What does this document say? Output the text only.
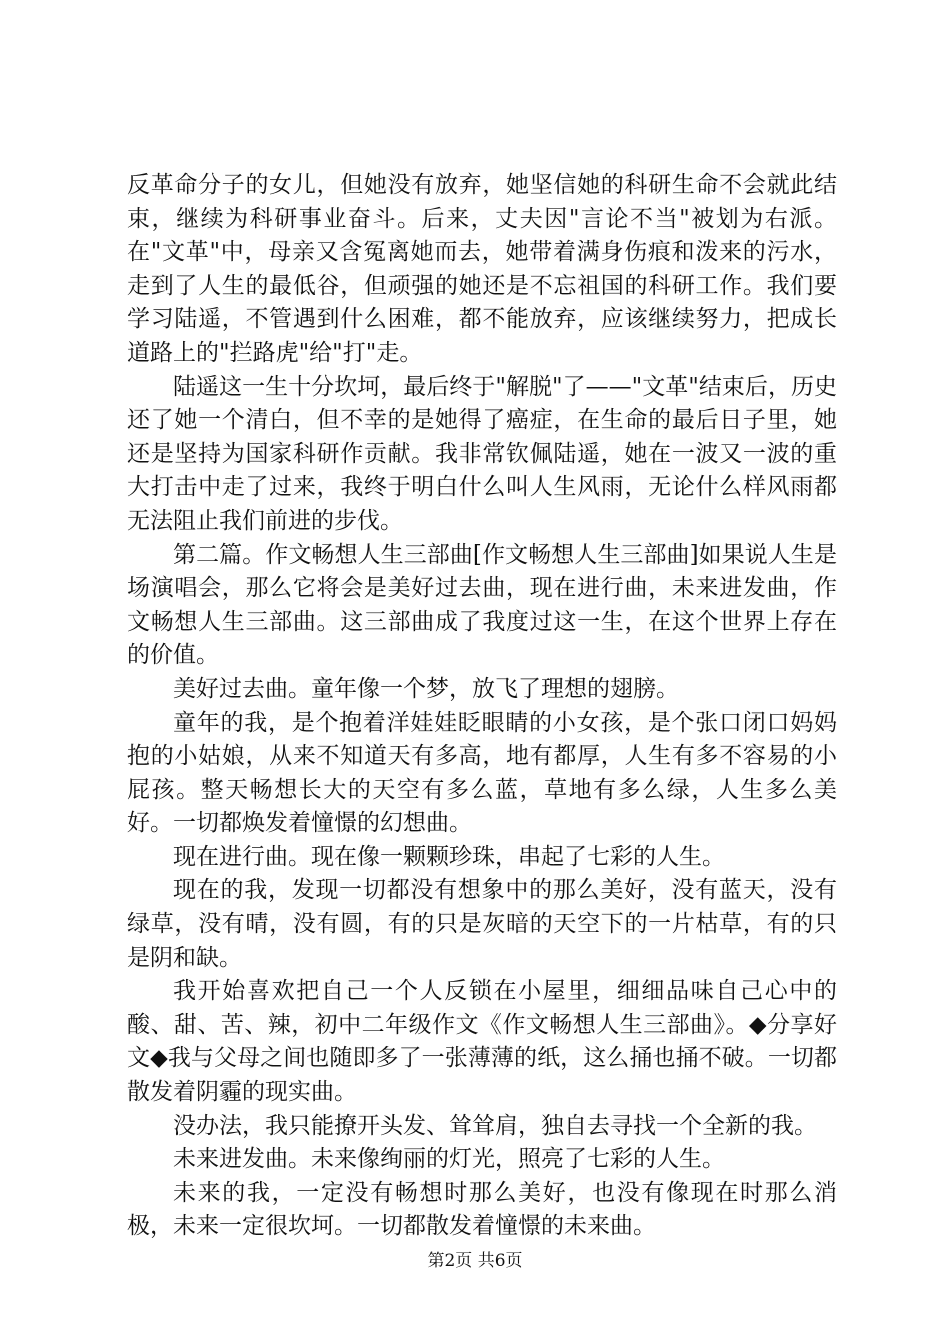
反革命分子的女儿，但她没有放弃，她坚信她的科研生命不会就此结束，继续为科研事业奋斗。后来，丈夫因"言论不当"被划为右派。在"文革"中，母亲又含冤离她而去，她带着满身伤痕和泼来的污水，走到了人生的最低谷，但顽强的她还是不忘祖国的科研工作。我们要学习陆遥，不管遇到什么困难，都不能放弃，应该继续努力，把成长道路上的"拦路虎"给"打"走。

陆遥这一生十分坎坷，最后终于"解脱"了——"文革"结束后，历史还了她一个清白，但不幸的是她得了癌症，在生命的最后日子里，她还是坚持为国家科研作贡献。我非常钦佩陆遥，她在一波又一波的重大打击中走了过来，我终于明白什么叫人生风雨，无论什么样风雨都无法阻止我们前进的步伐。

第二篇。作文畅想人生三部曲[作文畅想人生三部曲]如果说人生是场演唱会，那么它将会是美好过去曲，现在进行曲，未来进发曲，作文畅想人生三部曲。这三部曲成了我度过这一生，在这个世界上存在的价值。

美好过去曲。童年像一个梦，放飞了理想的翅膀。

童年的我，是个抱着洋娃娃眨眼睛的小女孩，是个张口闭口妈妈抱的小姑娘，从来不知道天有多高，地有都厚，人生有多不容易的小屁孩。整天畅想长大的天空有多么蓝，草地有多么绿，人生多么美好。一切都焕发着憧憬的幻想曲。

现在进行曲。现在像一颗颗珍珠，串起了七彩的人生。

现在的我，发现一切都没有想象中的那么美好，没有蓝天，没有绿草，没有晴，没有圆，有的只是灰暗的天空下的一片枯草，有的只是阴和缺。

我开始喜欢把自己一个人反锁在小屋里，细细品味自己心中的酸、甜、苦、辣，初中二年级作文《作文畅想人生三部曲》。◆分享好文◆我与父母之间也随即多了一张薄薄的纸，这么捅也捅不破。一切都散发着阴霾的现实曲。

没办法，我只能撩开头发、耸耸肩，独自去寻找一个全新的我。

未来进发曲。未来像绚丽的灯光，照亮了七彩的人生。

未来的我，一定没有畅想时那么美好，也没有像现在时那么消极，未来一定很坎坷。一切都散发着憧憬的未来曲。

第2页 共6页
